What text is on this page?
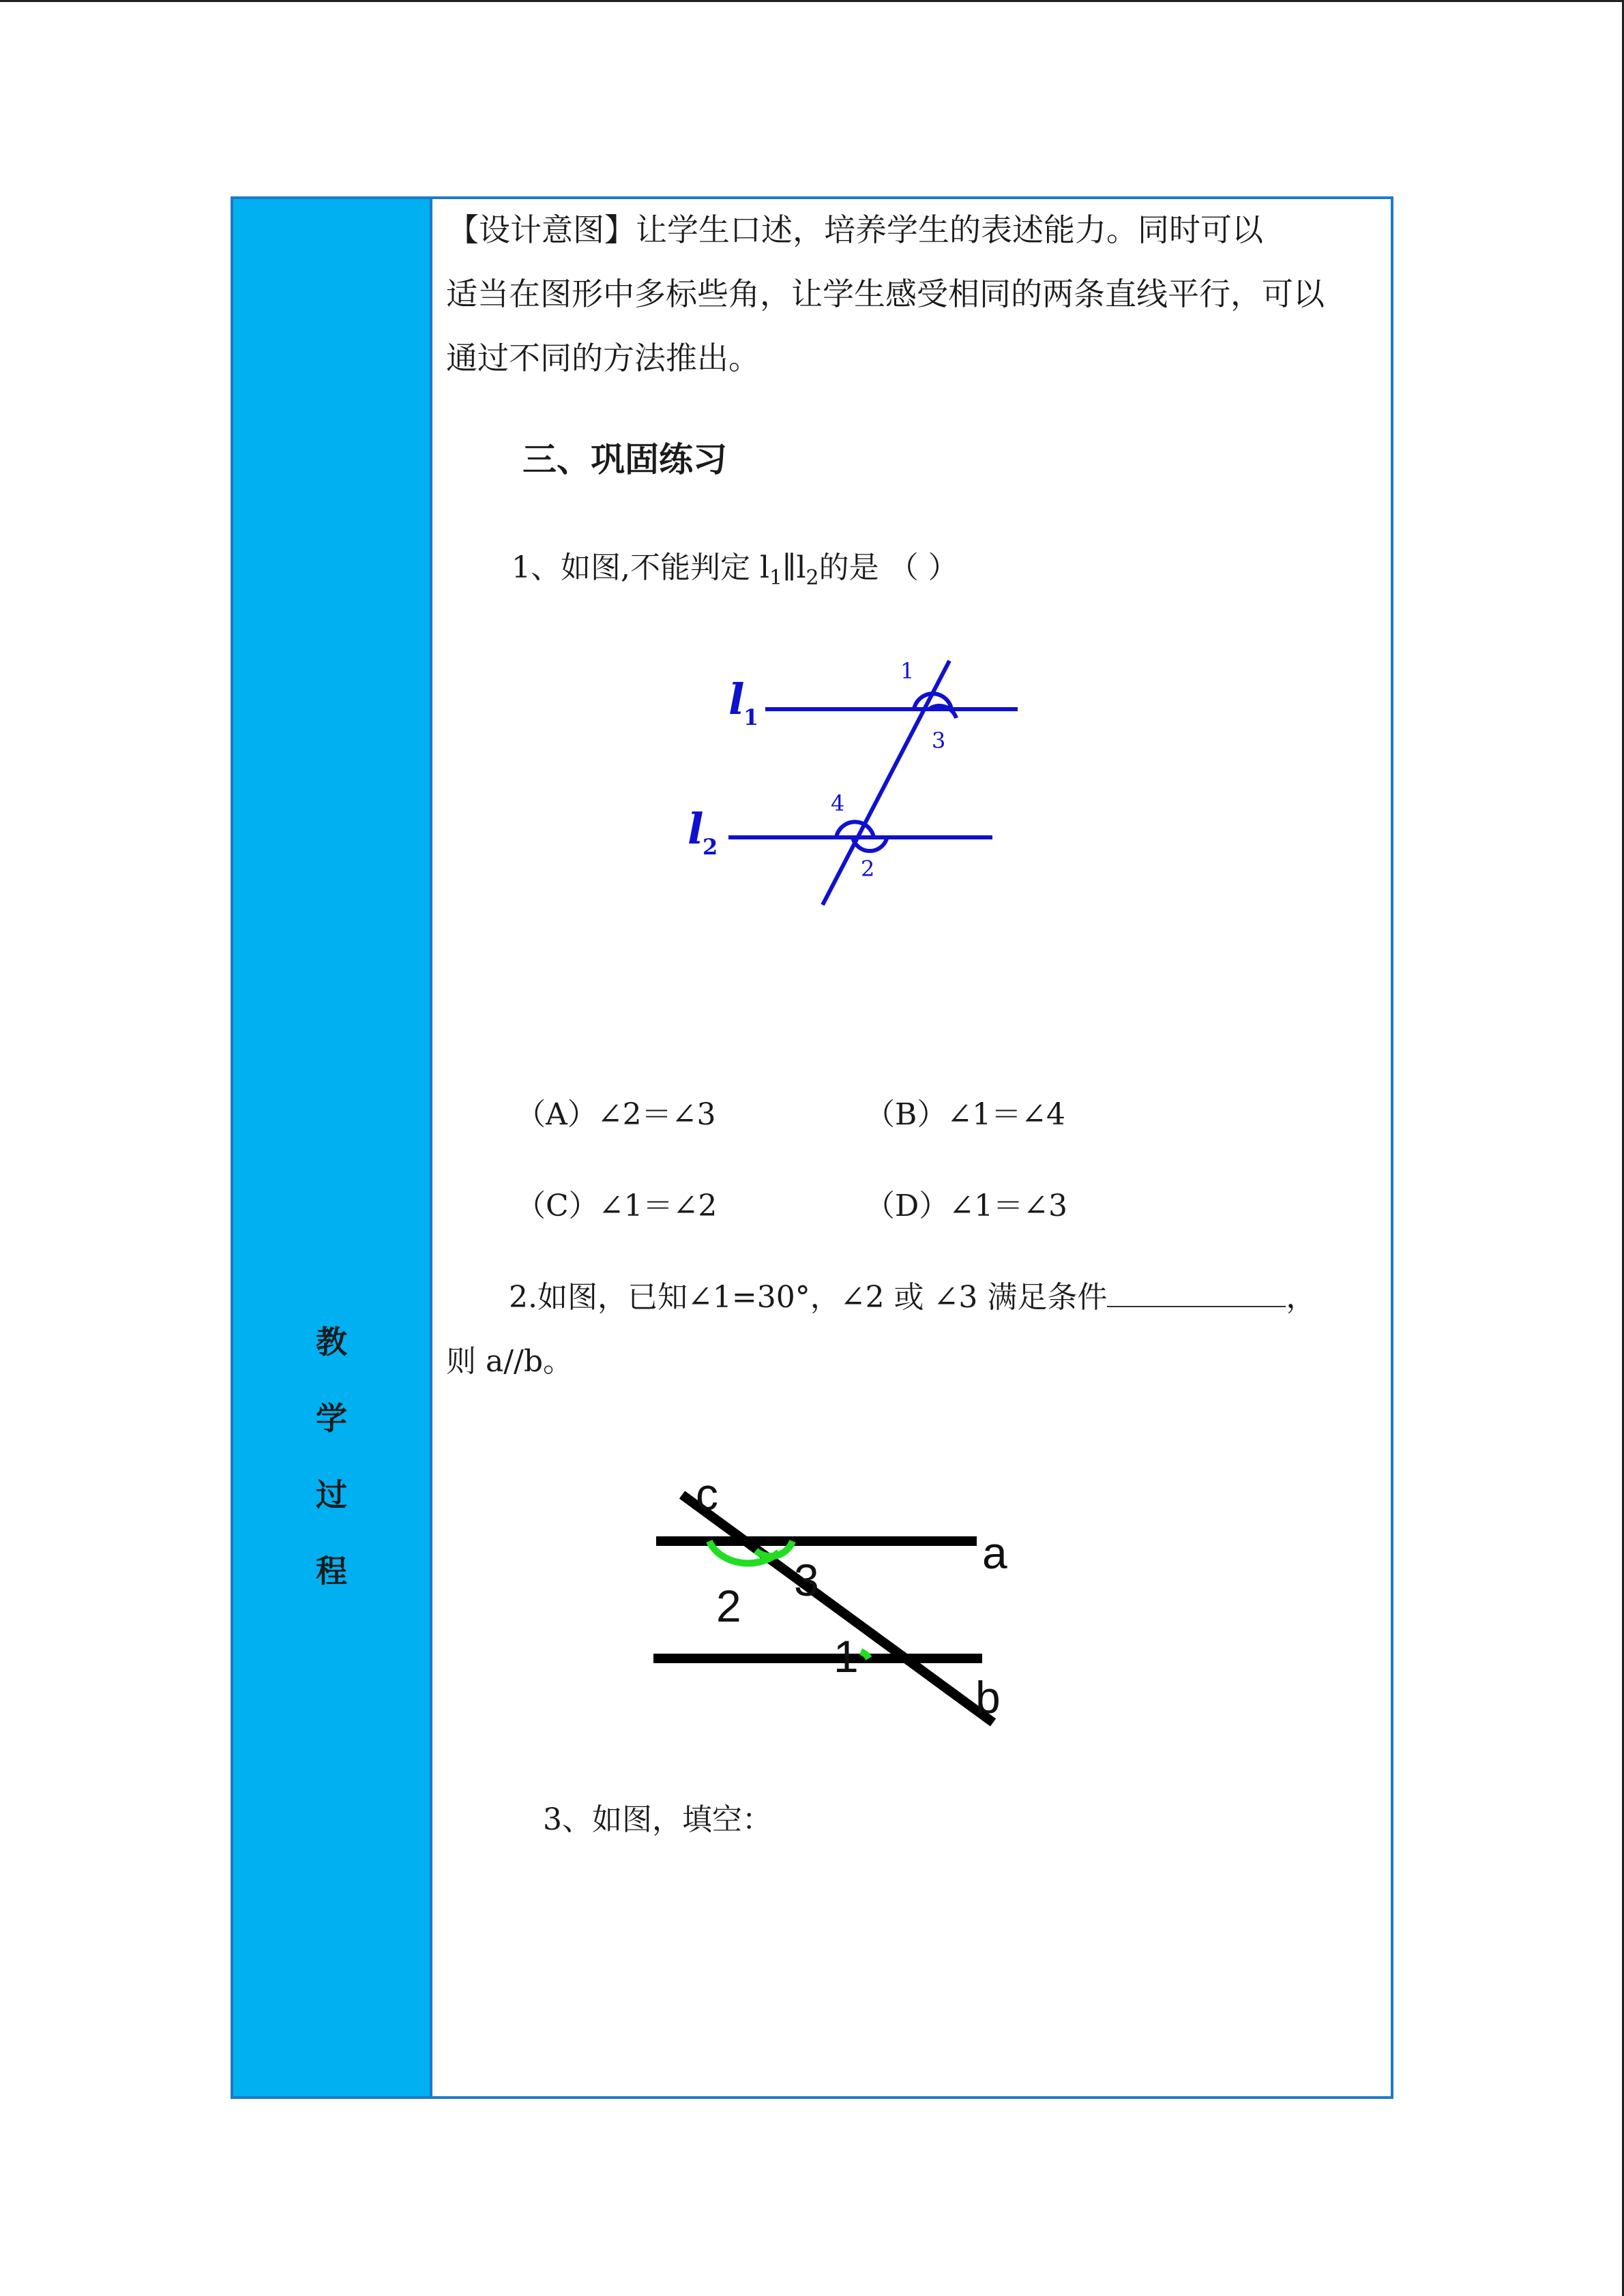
教
学
过
程
【设计意图】让学生口述，培养学生的表述能力。同时可以
适当在图形中多标些角，让学生感受相同的两条直线平行，可以
通过不同的方法推出。
三、巩固练习
1、如图,不能判定 $l_1\parallel l_2$的是 （ ）
l
1
l
2
1
3
4
2
（A）∠2＝∠3	（B）∠1＝∠4
（C）∠1＝∠2	（D）∠1＝∠3
2.如图，已知∠1=30°，∠2 或 ∠3 满足条件	，
则 a//b。
c
a
b
2
3
1
3、如图，填空：
